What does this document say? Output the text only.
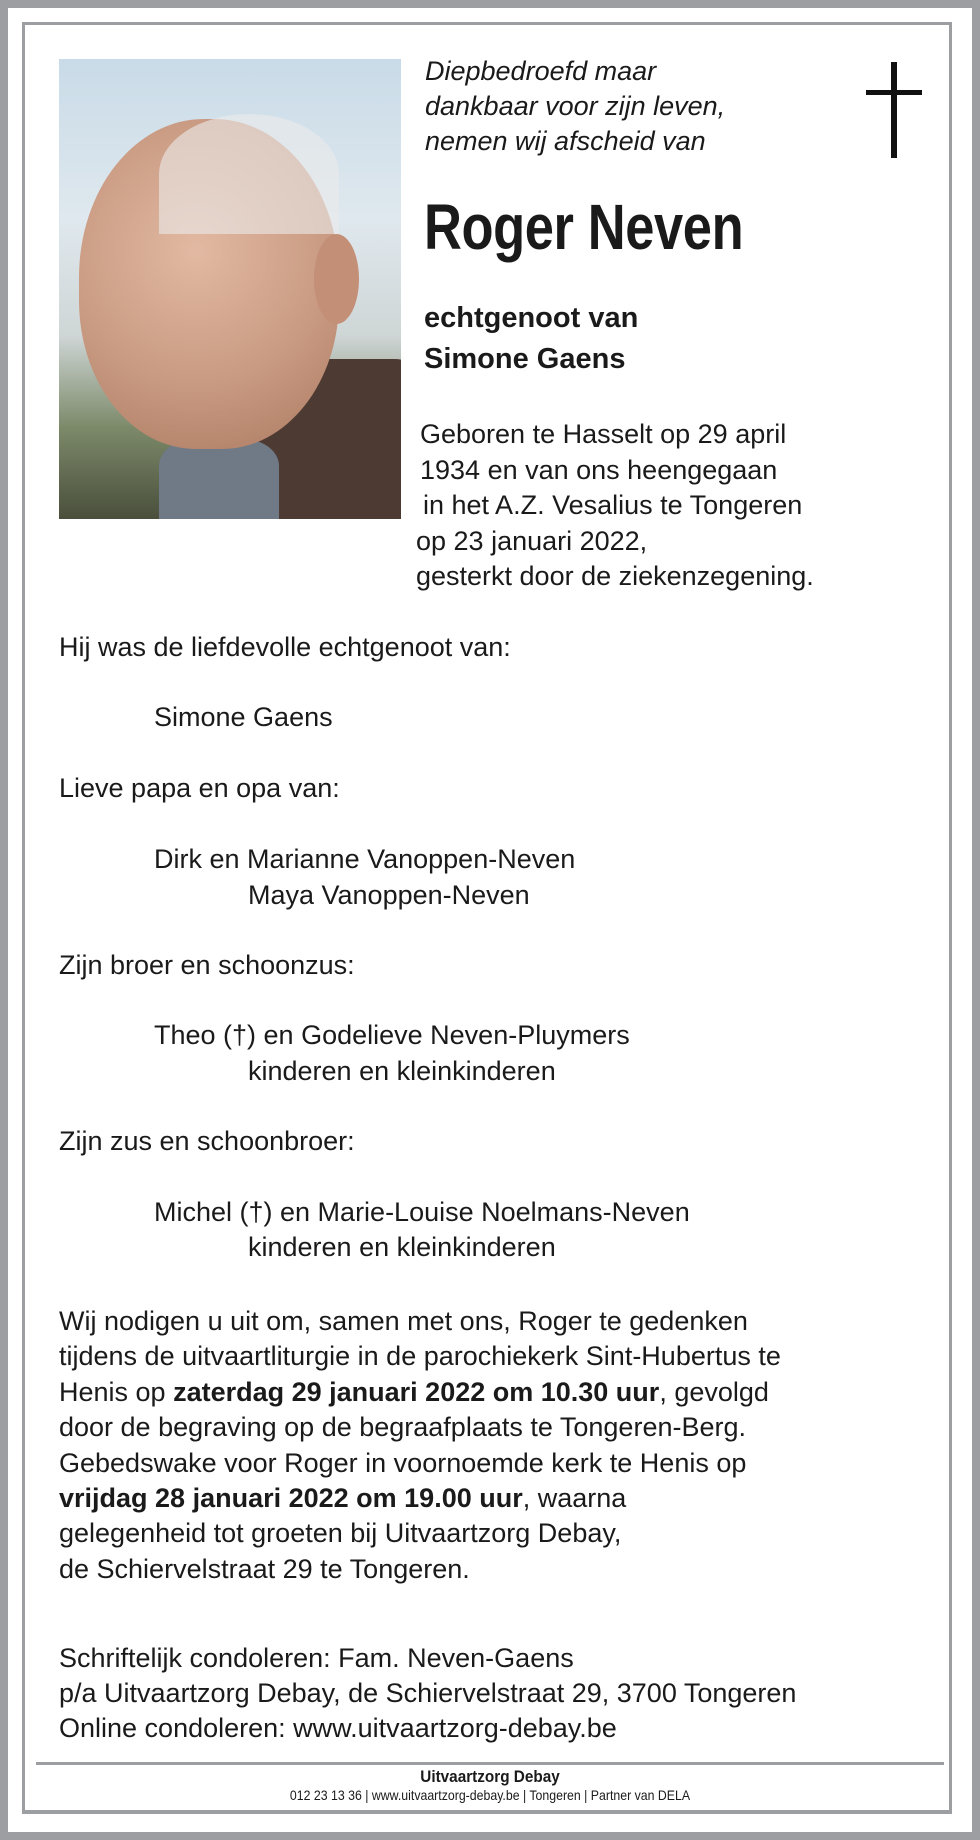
Diepbedroefd maar
dankbaar voor zijn leven,
nemen wij afscheid van
Roger Neven
echtgenoot van
Simone Gaens
Geboren te Hasselt op 29 april
1934 en van ons heengegaan
in het A.Z. Vesalius te Tongeren
op 23 januari 2022,
gesterkt door de ziekenzegening.
Hij was de liefdevolle echtgenoot van:
Simone Gaens
Lieve papa en opa van:
Dirk en Marianne Vanoppen-Neven
Maya Vanoppen-Neven
Zijn broer en schoonzus:
Theo (†) en Godelieve Neven-Pluymers
kinderen en kleinkinderen
Zijn zus en schoonbroer:
Michel (†) en Marie-Louise Noelmans-Neven
kinderen en kleinkinderen
Wij nodigen u uit om, samen met ons, Roger te gedenken
tijdens de uitvaartliturgie in de parochiekerk Sint-Hubertus te
Henis op zaterdag 29 januari 2022 om 10.30 uur, gevolgd
door de begraving op de begraafplaats te Tongeren-Berg.
Gebedswake voor Roger in voornoemde kerk te Henis op
vrijdag 28 januari 2022 om 19.00 uur, waarna
gelegenheid tot groeten bij Uitvaartzorg Debay,
de Schiervelstraat 29 te Tongeren.
Schriftelijk condoleren: Fam. Neven-Gaens
p/a Uitvaartzorg Debay, de Schiervelstraat 29, 3700 Tongeren
Online condoleren: www.uitvaartzorg-debay.be
Uitvaartzorg Debay
012 23 13 36 | www.uitvaartzorg-debay.be | Tongeren | Partner van DELA
